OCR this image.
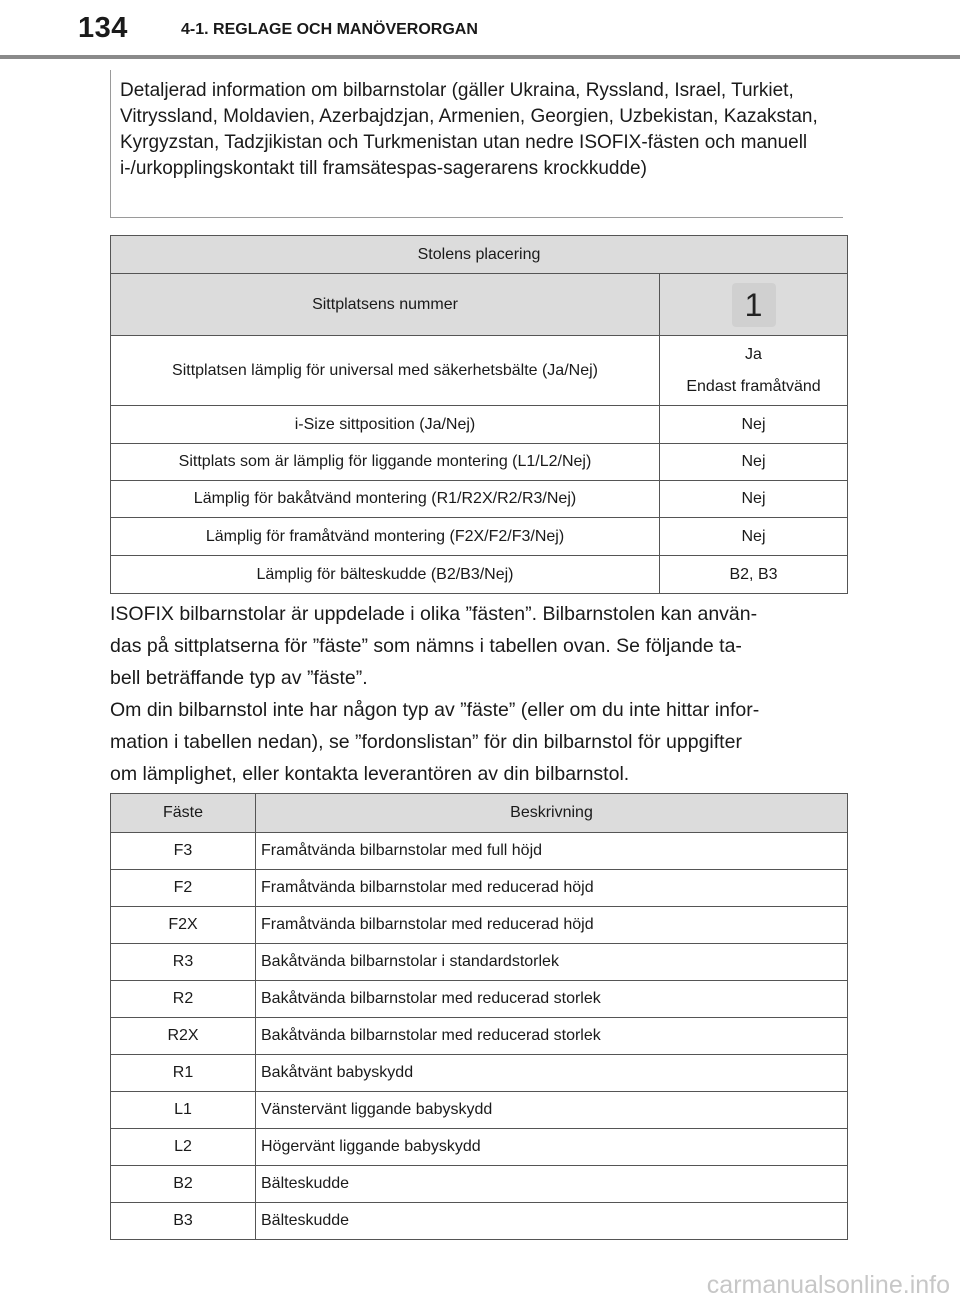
134	4-1. REGLAGE OCH MANÖVERORGAN
Detaljerad information om bilbarnstolar (gäller Ukraina, Ryssland, Israel, Turkiet, Vitryssland, Moldavien, Azerbajdzjan, Armenien, Georgien, Uzbekistan, Kazakstan, Kyrgyzstan, Tadzjikistan och Turkmenistan utan nedre ISOFIX-fästen och manuell i-/urkopplingskontakt till framsätespas-sagerarens krockkudde)
Stolens placering	
Sittplatsens nummer	1
Sittplatsen lämplig för universal med säkerhetsbälte (Ja/Nej)	Ja
Endast framåtvänd

i-Size sittposition (Ja/Nej)	Nej
Sittplats som är lämplig för liggande montering (L1/L2/Nej)	Nej
Lämplig för bakåtvänd montering (R1/R2X/R2/R3/Nej)	Nej
Lämplig för framåtvänd montering (F2X/F2/F3/Nej)	Nej
Lämplig för bälteskudde (B2/B3/Nej)	B2, B3

ISOFIX bilbarnstolar är uppdelade i olika ”fästen”. Bilbarnstolen kan använ-
das på sittplatserna för ”fäste” som nämns i tabellen ovan. Se följande ta-
bell beträffande typ av ”fäste”.

Om din bilbarnstol inte har någon typ av ”fäste” (eller om du inte hittar infor-
mation i tabellen nedan), se ”fordonslistan” för din bilbarnstol för uppgifter
om lämplighet, eller kontakta leverantören av din bilbarnstol.

Fäste	Beskrivning
F3	Framåtvända bilbarnstolar med full höjd
F2	Framåtvända bilbarnstolar med reducerad höjd
F2X	Framåtvända bilbarnstolar med reducerad höjd
R3	Bakåtvända bilbarnstolar i standardstorlek
R2	Bakåtvända bilbarnstolar med reducerad storlek
R2X	Bakåtvända bilbarnstolar med reducerad storlek
R1	Bakåtvänt babyskydd
L1	Vänstervänt liggande babyskydd
L2	Högervänt liggande babyskydd
B2	Bälteskudde
B3	Bälteskudde
carmanualsonline.info
